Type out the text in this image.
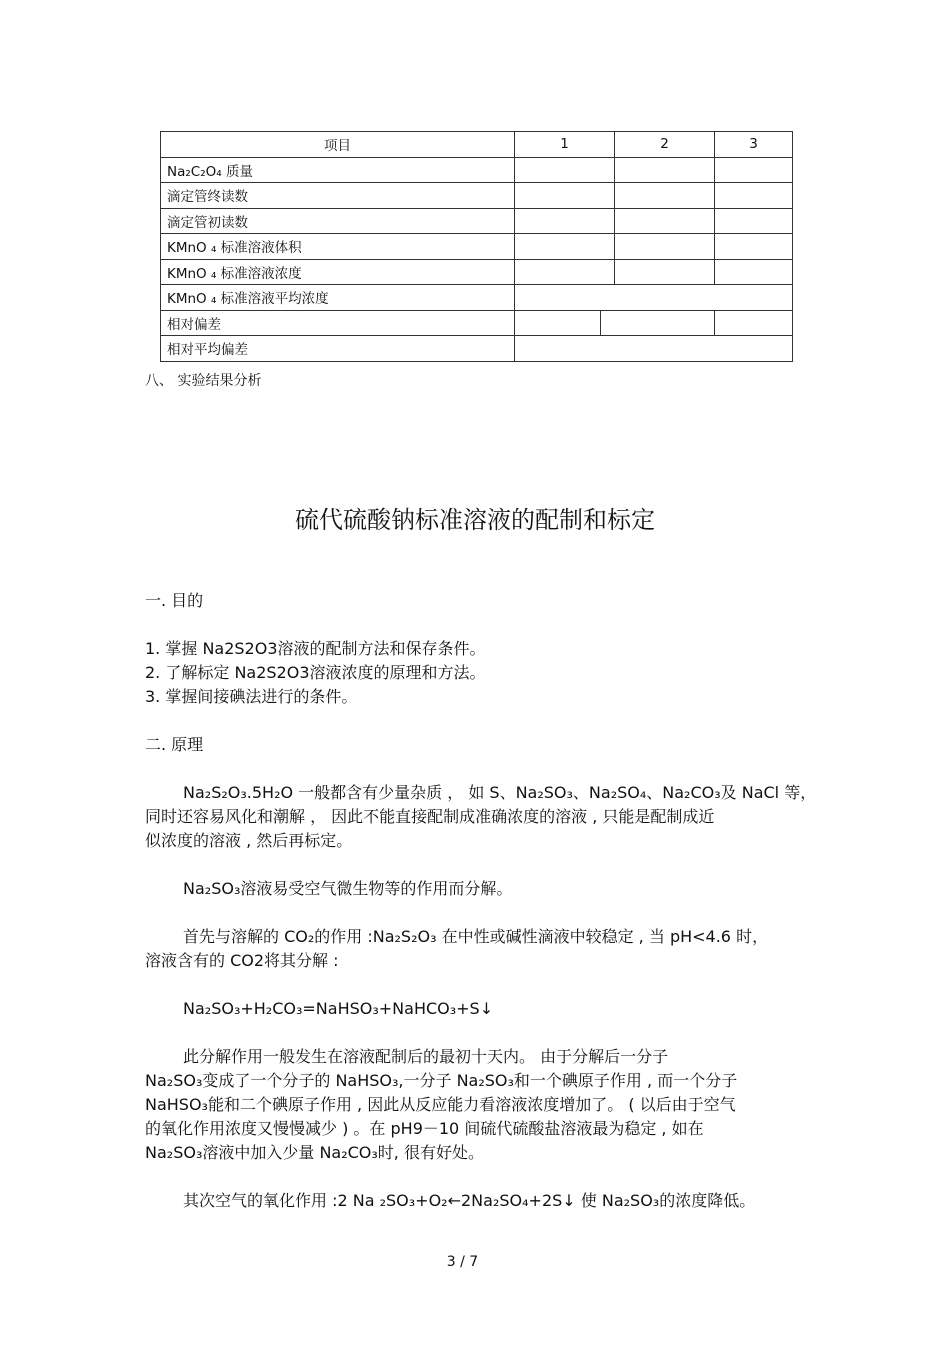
项目	1		2	3
Na₂C₂O₄ 质量				
滴定管终读数				
滴定管初读数				
KMnO ₄ 标准溶液体积				
KMnO ₄ 标准溶液浓度				
KMnO ₄ 标准溶液平均浓度				
相对偏差				
相对平均偏差				
八、 实验结果分析
硫代硫酸钠标准溶液的配制和标定
一. 目的
1. 掌握 Na2S2O3溶液的配制方法和保存条件。
2. 了解标定 Na2S2O3溶液浓度的原理和方法。
3. 掌握间接碘法进行的条件。
二. 原理
Na₂S₂O₃.5H₂O 一般都含有少量杂质 ， 如 S、Na₂SO₃、Na₂SO₄、Na₂CO₃及 NaCl 等，
同时还容易风化和潮解 ， 因此不能直接配制成准确浓度的溶液 , 只能是配制成近
似浓度的溶液 , 然后再标定。
Na₂SO₃溶液易受空气微生物等的作用而分解。
首先与溶解的 CO₂的作用 :Na₂S₂O₃ 在中性或碱性滴液中较稳定 , 当 pH<4.6 时，
溶液含有的 CO2将其分解 :
Na₂SO₃+H₂CO₃=NaHSO₃+NaHCO₃+S↓
此分解作用一般发生在溶液配制后的最初十天内。 由于分解后一分子
Na₂SO₃变成了一个分子的 NaHSO₃,一分子 Na₂SO₃和一个碘原子作用 , 而一个分子
NaHSO₃能和二个碘原子作用 , 因此从反应能力看溶液浓度增加了。 ( 以后由于空气
的氧化作用浓度又慢慢减少 ) 。在 pH9－10 间硫代硫酸盐溶液最为稳定 , 如在
Na₂SO₃溶液中加入少量 Na₂CO₃时, 很有好处。
其次空气的氧化作用 :2 Na ₂SO₃+O₂←2Na₂SO₄+2S↓ 使 Na₂SO₃的浓度降低。
3 / 7
